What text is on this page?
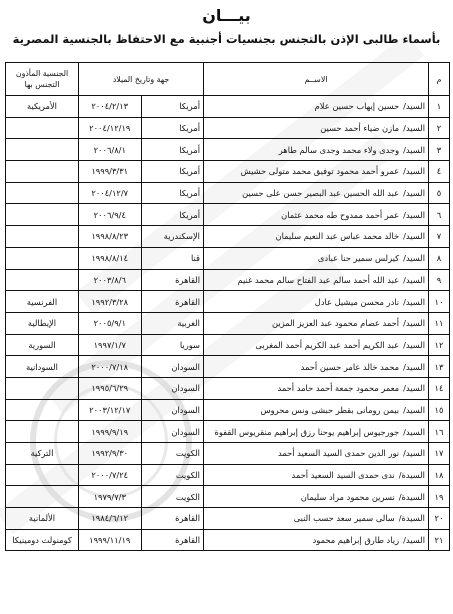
بيـــان
بأسماء طالبى الإذن بالتجنس بجنسيات أجنبية مع الاحتفاظ بالجنسية المصرية
م	الاســم	جهة وتاريخ الميلاد		الجنسية المأذون التجنس بها
١	السيد/حسين إيهاب حسين علام	أمريكا	٢٠٠٤/٢/١٣	الأمريكية
٢	السيد/مازن ضياء أحمد حسين	أمريكا	٢٠٠٤/١٢/١٩	
٣	السيد/وجدى ولاء محمد وجدى سالم طاهر	أمريكا	٢٠٠٦/٨/١	
٤	السيد/عمرو أحمد محمود توفيق محمد متولى حشيش	أمريكا	١٩٩٩/٣/٣١	
٥	السيد/عبد الله الحسين عبد البصير حسن على حسين	أمريكا	٢٠٠٤/١٢/٧	
٦	السيد/عمر أحمد ممدوح طه محمد عثمان	أمريكا	٢٠٠٦/٩/٤	
٧	السيد/خالد محمد عباس عبد النعيم سليمان	الإسكندرية	١٩٩٨/٨/٢٣	
٨	السيد/كيرلس سمير حنا عبادى	قنا	١٩٩٨/٨/١٤	
٩	السيد/عبد الله أحمد سالم عبد الفتاح سالم محمد غنيم	القاهرة	٢٠٠٣/٨/٦	
١٠	السيد/نادر محسن ميشيل عادل	القاهرة	١٩٩٢/٣/٢٨	الفرنسية
١١	السيد/أحمد عصام محمود عبد العزيز المزين	الغربية	٢٠٠٥/٩/١	الإيطالية
١٢	السيد/عبد الكريم أحمد عبد الكريم أحمد المغربى	سوريا	١٩٩٧/١/٧	السورية
١٣	السيد/محمد خالد عامر حسين أحمد	السودان	٢٠٠٠/٧/١٨	السودانية
١٤	السيد/معمر محمود جمعة أحمد حامد أحمد	السودان	١٩٩٥/٦/٢٩	
١٥	السيد/بيمن رومانى بقطر حبشى ونس محروس	السودان	٢٠٠٣/١٢/١٧	
١٦	السيد/جورجيوس إبراهيم يوحنا رزق إبراهيم منقريوس القفوة	السودان	١٩٩٩/٩/١٩	
١٧	السيد/نور الدين حمدى السيد السعيد أحمد	الكويت	١٩٩٢/٩/٣٠	التركية
١٨	السيدة/ندى حمدى السيد السعيد أحمد	الكويت	٢٠٠٠/٧/٢٤	
١٩	السيدة/نسرين محمود مراد سليمان	الكويت	١٩٧٩/٧/٣	
٢٠	السيدة/سالى سمير سعد حسب النبى	القاهرة	١٩٨٤/٦/١٢	الألمانية
٢١	السيد/زياد طارق إبراهيم محمود	القاهرة	١٩٩٩/١١/١٩	كومنولث دومينيكا
